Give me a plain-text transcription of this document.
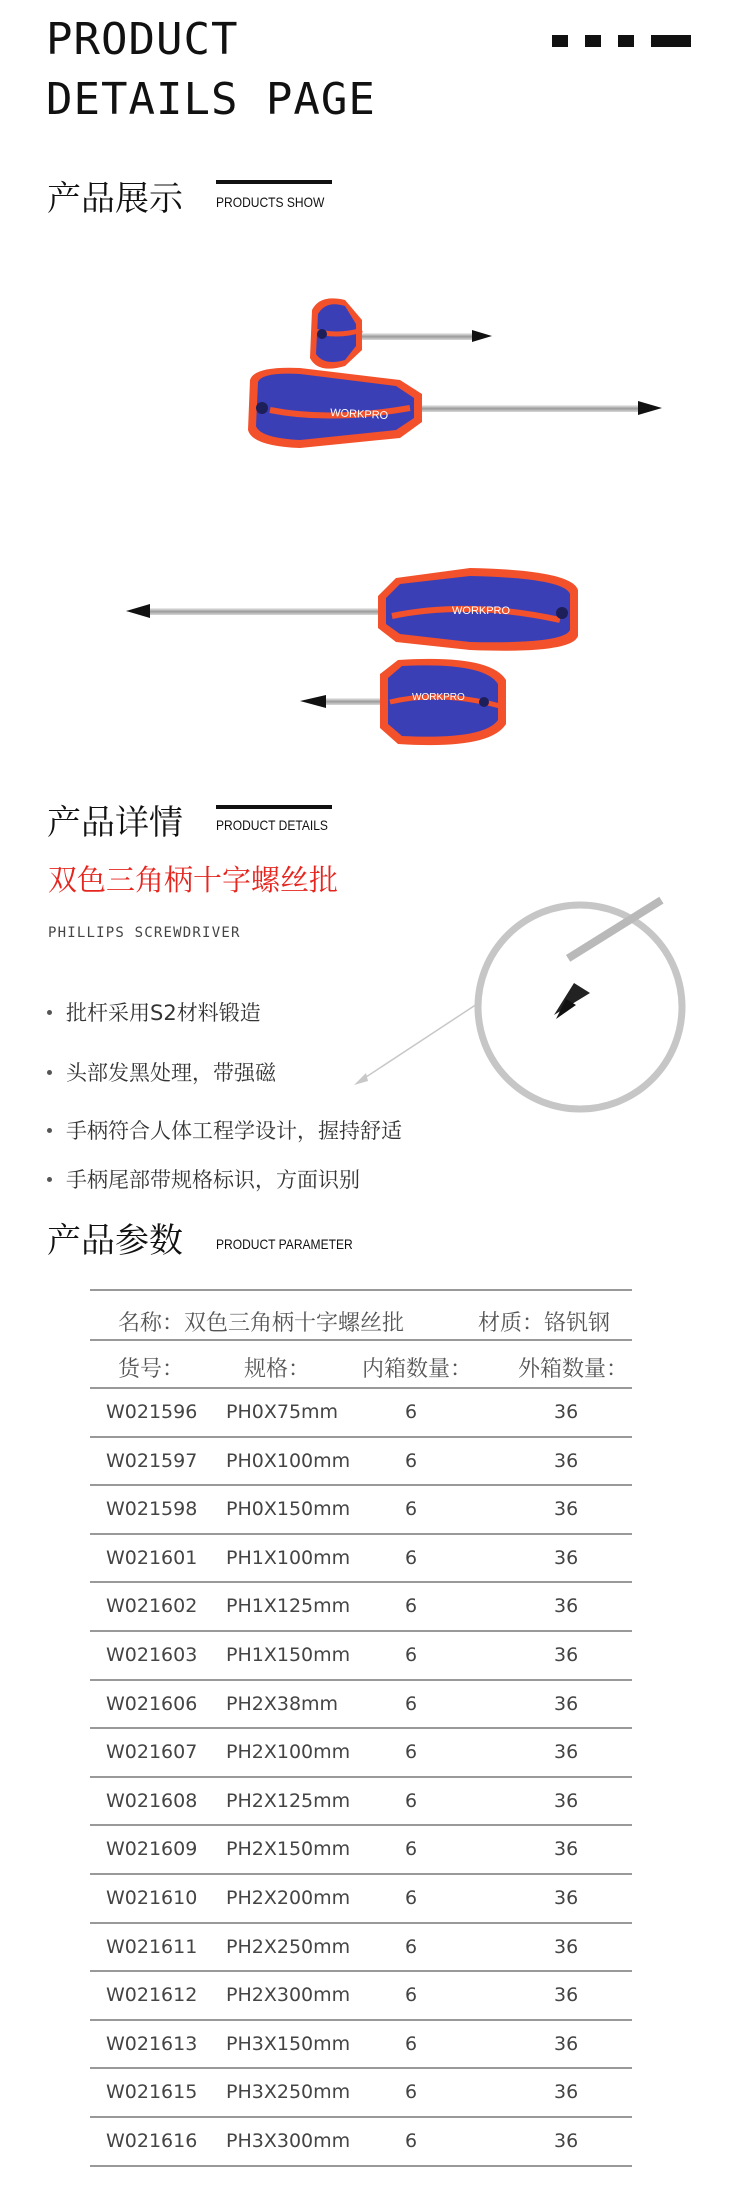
PRODUCT
DETAILS PAGE
产品展示 PRODUCTS SHOW
WORKPRO
WORKPRO
WORKPRO
产品详情 PRODUCT DETAILS
双色三角柄十字螺丝批
PHILLIPS SCREWDRIVER
批杆采用S2材料锻造
头部发黑处理，带强磁
手柄符合人体工程学设计，握持舒适
手柄尾部带规格标识，方面识别
产品参数 PRODUCT PARAMETER
名称：双色三角柄十字螺丝批	材质：铬钒钢
货号：	规格： 内箱数量： 外箱数量：
W021596 PH0X75mm	6	36
W021597 PH0X100mm	6	36
W021598 PH0X150mm	6	36
W021601 PH1X100mm	6	36
W021602 PH1X125mm	6	36
W021603 PH1X150mm	6	36
W021606 PH2X38mm	6	36
W021607 PH2X100mm	6	36
W021608 PH2X125mm	6	36
W021609 PH2X150mm	6	36
W021610 PH2X200mm	6	36
W021611 PH2X250mm	6	36
W021612 PH2X300mm	6	36
W021613 PH3X150mm	6	36
W021615 PH3X250mm	6	36
W021616 PH3X300mm	6	36
